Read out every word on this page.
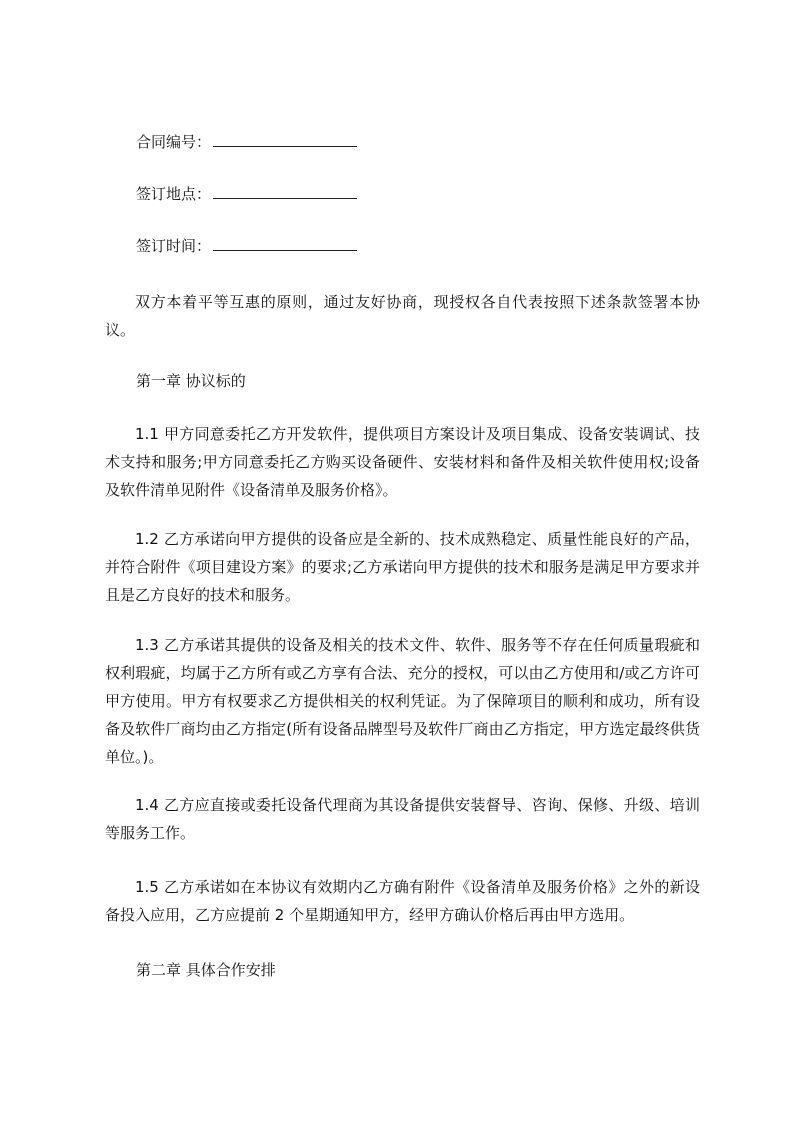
合同编号：
签订地点：
签订时间：
双方本着平等互惠的原则，通过友好协商，现授权各自代表按照下述条款签署本协议。
第一章 协议标的
1.1 甲方同意委托乙方开发软件，提供项目方案设计及项目集成、设备安装调试、技术支持和服务;甲方同意委托乙方购买设备硬件、安装材料和备件及相关软件使用权;设备及软件清单见附件《设备清单及服务价格》。
1.2 乙方承诺向甲方提供的设备应是全新的、技术成熟稳定、质量性能良好的产品，并符合附件《项目建设方案》的要求;乙方承诺向甲方提供的技术和服务是满足甲方要求并且是乙方良好的技术和服务。
1.3 乙方承诺其提供的设备及相关的技术文件、软件、服务等不存在任何质量瑕疵和权利瑕疵，均属于乙方所有或乙方享有合法、充分的授权，可以由乙方使用和/或乙方许可甲方使用。甲方有权要求乙方提供相关的权利凭证。为了保障项目的顺利和成功，所有设备及软件厂商均由乙方指定(所有设备品牌型号及软件厂商由乙方指定，甲方选定最终供货单位。)。
1.4 乙方应直接或委托设备代理商为其设备提供安装督导、咨询、保修、升级、培训等服务工作。
1.5 乙方承诺如在本协议有效期内乙方确有附件《设备清单及服务价格》之外的新设备投入应用，乙方应提前 2 个星期通知甲方，经甲方确认价格后再由甲方选用。
第二章 具体合作安排
